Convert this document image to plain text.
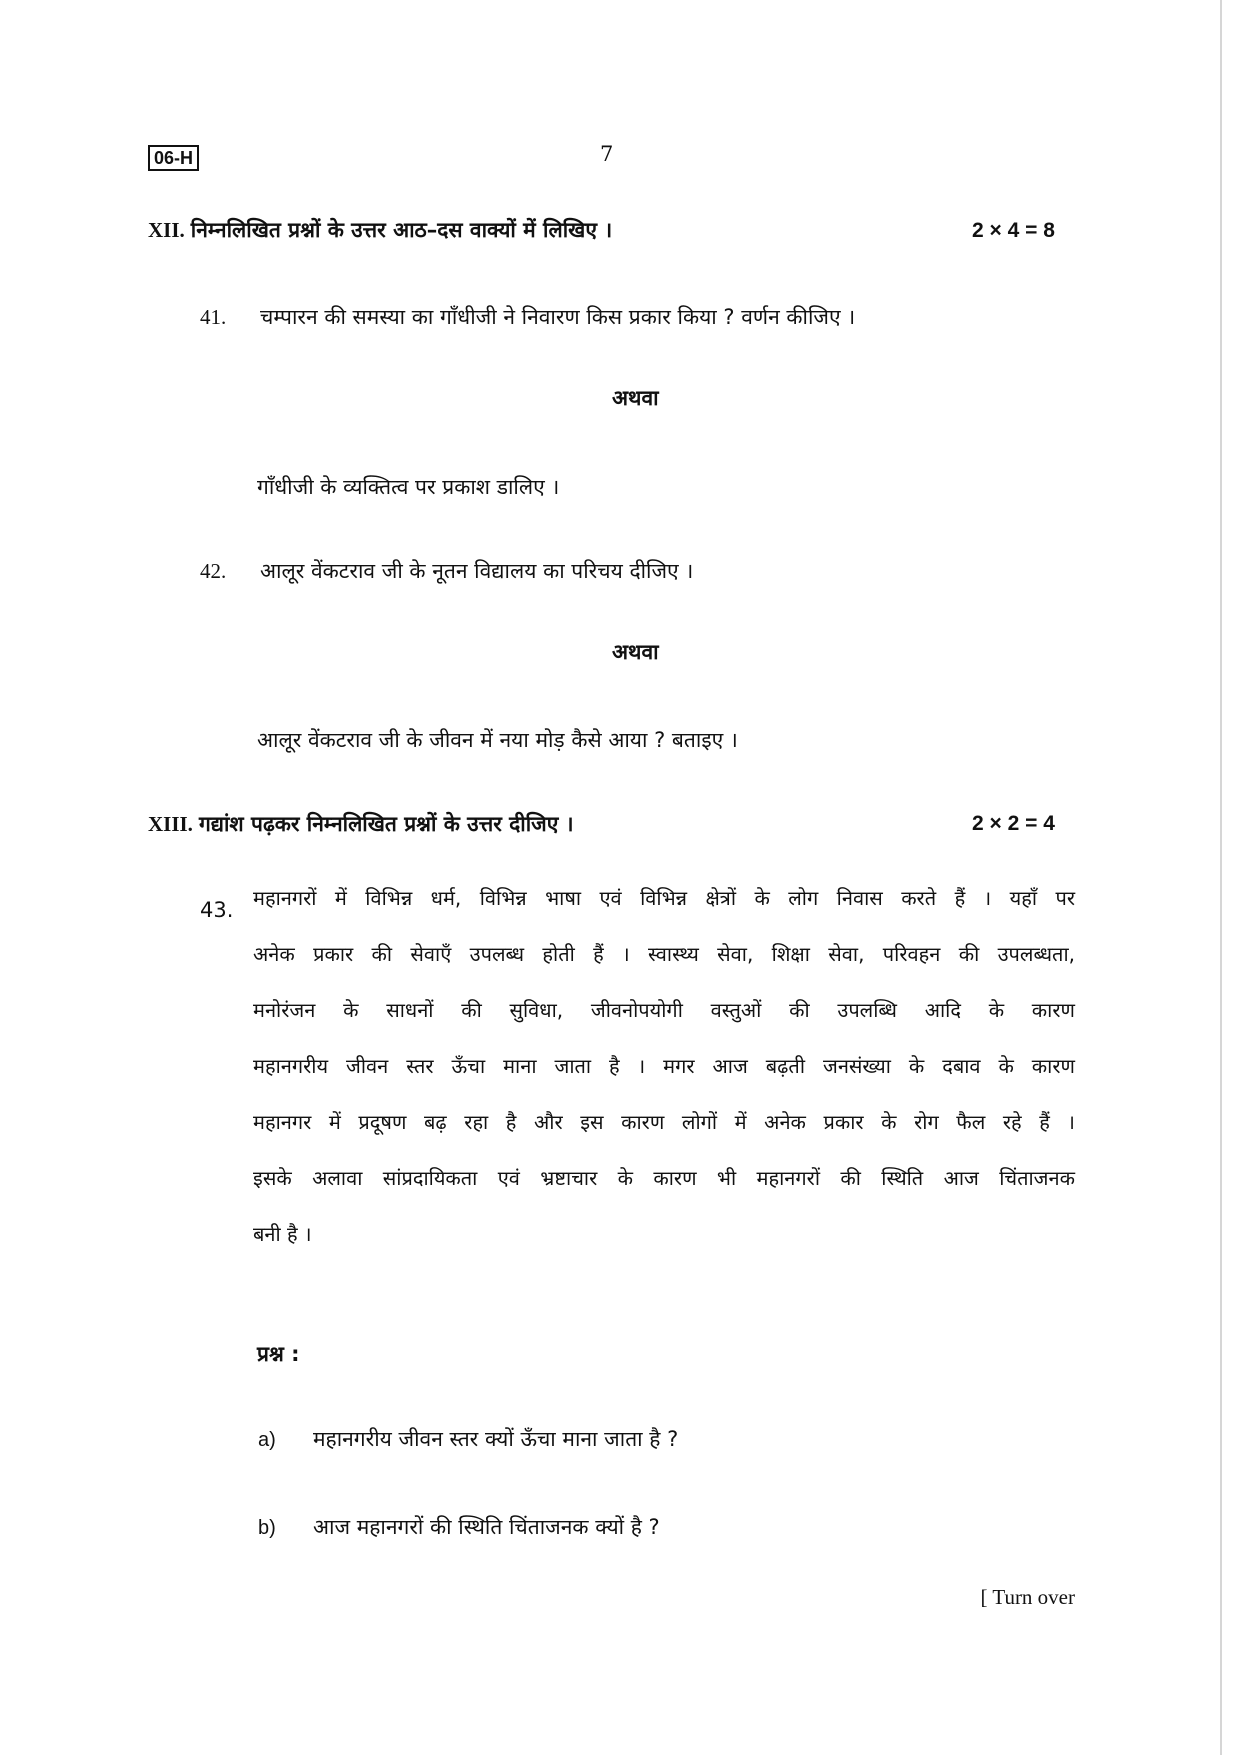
06-H	7
XII. निम्नलिखित प्रश्नों के उत्तर आठ–दस वाक्यों में लिखिए ।	2 × 4 = 8
41. चम्पारन की समस्या का गाँधीजी ने निवारण किस प्रकार किया ? वर्णन कीजिए ।
अथवा
गाँधीजी के व्यक्तित्व पर प्रकाश डालिए ।
42. आलूर वेंकटराव जी के नूतन विद्यालय का परिचय दीजिए ।
अथवा
आलूर वेंकटराव जी के जीवन में नया मोड़ कैसे आया ? बताइए ।
XIII. गद्यांश पढ़कर निम्नलिखित प्रश्नों के उत्तर दीजिए ।	2 × 2 = 4
43. महानगरों में विभिन्न धर्म, विभिन्न भाषा एवं विभिन्न क्षेत्रों के लोग निवास करते हैं । यहाँ पर
अनेक प्रकार की सेवाएँ उपलब्ध होती हैं । स्वास्थ्य सेवा, शिक्षा सेवा, परिवहन की उपलब्धता,
मनोरंजन के साधनों की सुविधा, जीवनोपयोगी वस्तुओं की उपलब्धि आदि के कारण
महानगरीय जीवन स्तर ऊँचा माना जाता है । मगर आज बढ़ती जनसंख्या के दबाव के कारण
महानगर में प्रदूषण बढ़ रहा है और इस कारण लोगों में अनेक प्रकार के रोग फैल रहे हैं ।
इसके अलावा सांप्रदायिकता एवं भ्रष्टाचार के कारण भी महानगरों की स्थिति आज चिंताजनक
बनी है ।
प्रश्न :
a) महानगरीय जीवन स्तर क्यों ऊँचा माना जाता है ?
b) आज महानगरों की स्थिति चिंताजनक क्यों है ?
[ Turn over
